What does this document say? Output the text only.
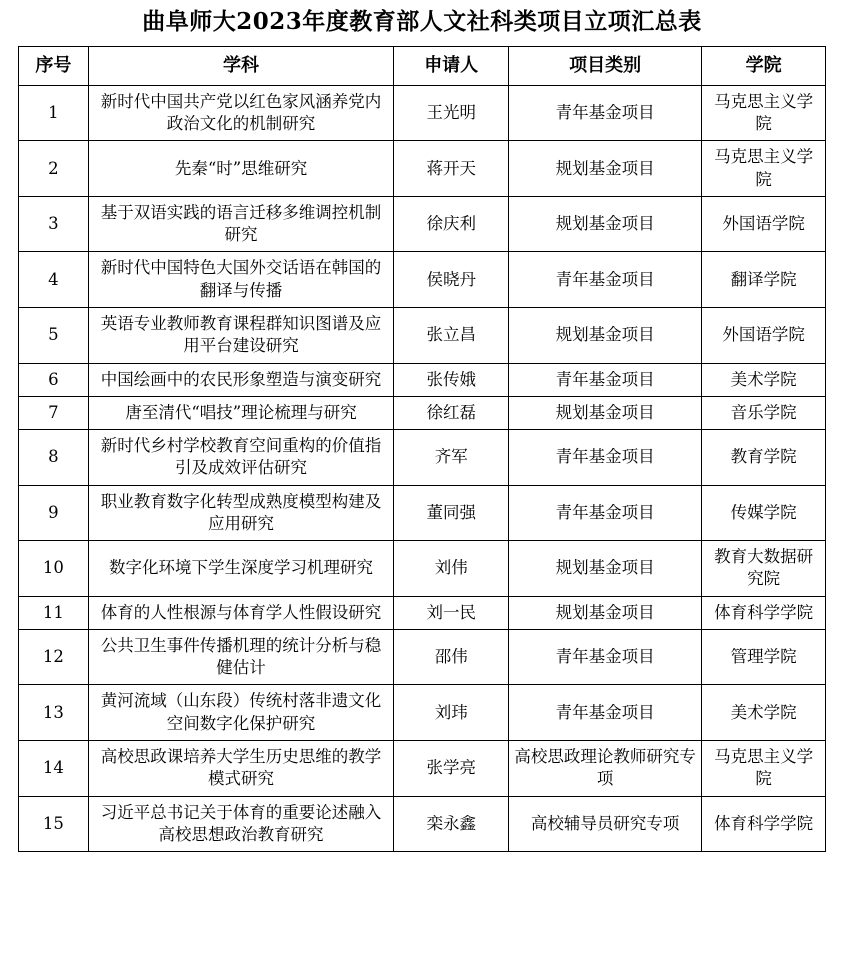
曲阜师大2023年度教育部人文社科类项目立项汇总表
序号	学科	申请人	项目类别	学院
1	新时代中国共产党以红色家风涵养党内政治文化的机制研究	王光明	青年基金项目	马克思主义学院
2	先秦“时”思维研究	蒋开天	规划基金项目	马克思主义学院
3	基于双语实践的语言迁移多维调控机制研究	徐庆利	规划基金项目	外国语学院
4	新时代中国特色大国外交话语在韩国的翻译与传播	侯晓丹	青年基金项目	翻译学院
5	英语专业教师教育课程群知识图谱及应用平台建设研究	张立昌	规划基金项目	外国语学院
6	中国绘画中的农民形象塑造与演变研究	张传娥	青年基金项目	美术学院
7	唐至清代“唱技”理论梳理与研究	徐红磊	规划基金项目	音乐学院
8	新时代乡村学校教育空间重构的价值指引及成效评估研究	齐军	青年基金项目	教育学院
9	职业教育数字化转型成熟度模型构建及应用研究	董同强	青年基金项目	传媒学院
10	数字化环境下学生深度学习机理研究	刘伟	规划基金项目	教育大数据研究院
11	体育的人性根源与体育学人性假设研究	刘一民	规划基金项目	体育科学学院
12	公共卫生事件传播机理的统计分析与稳健估计	邵伟	青年基金项目	管理学院
13	黄河流域（山东段）传统村落非遗文化空间数字化保护研究	刘玮	青年基金项目	美术学院
14	高校思政课培养大学生历史思维的教学模式研究	张学亮	高校思政理论教师研究专项	马克思主义学院
15	习近平总书记关于体育的重要论述融入高校思想政治教育研究	栾永鑫	高校辅导员研究专项	体育科学学院
